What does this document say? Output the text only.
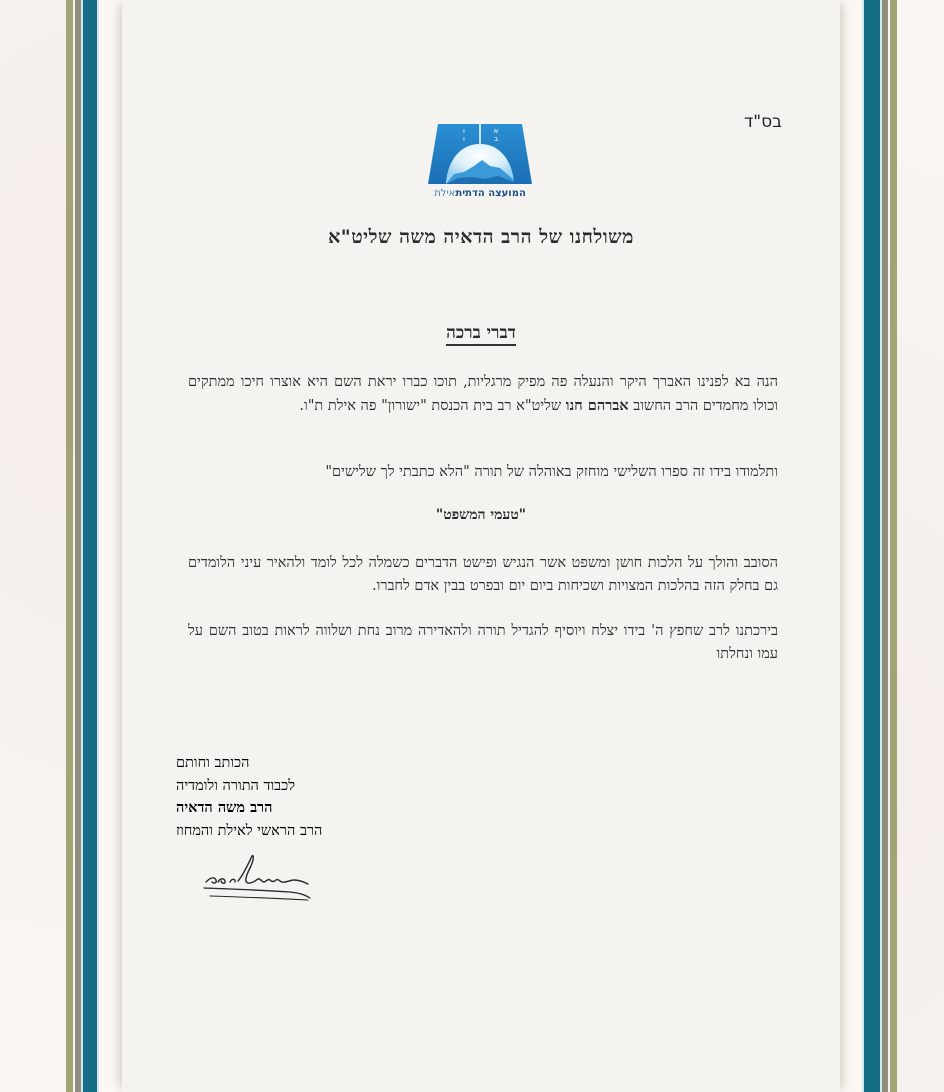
בס"ד
א
ב
ו
ו
המועצה הדתיתאילת
משולחנו של הרב הדאיה משה שליט"א
דברי ברכה
הנה בא לפנינו האברך היקר והנעלה פה מפיק מרגליות, תוכו כברו יראת השם היא אוצרו חיכו ממתקים וכולו מחמדים הרב החשוב אברהם חנו שליט"א רב בית הכנסת "ישורון" פה אילת ת"ו.
ותלמודו בידו זה ספרו השלישי מוחזק באוהלה של תורה "הלא כתבתי לך שלישים"
"טעמי המשפט"
הסובב והולך על הלכות חושן ומשפט אשר הנגיש ופישט הדברים כשמלה לכל לומד ולהאיר עיני הלומדים גם בחלק הזה בהלכות המצויות ושכיחות ביום יום ובפרט בבין אדם לחברו.
בירכתנו לרב שחפץ ה' בידו יצלח ויוסיף להגדיל תורה ולהאדירה מרוב נחת ושלווה לראות בטוב השם על עמו ונחלתו
הכותב וחותם
לכבוד התורה ולומדיה
הרב משה הדאיה
הרב הראשי לאילת והמחוז
